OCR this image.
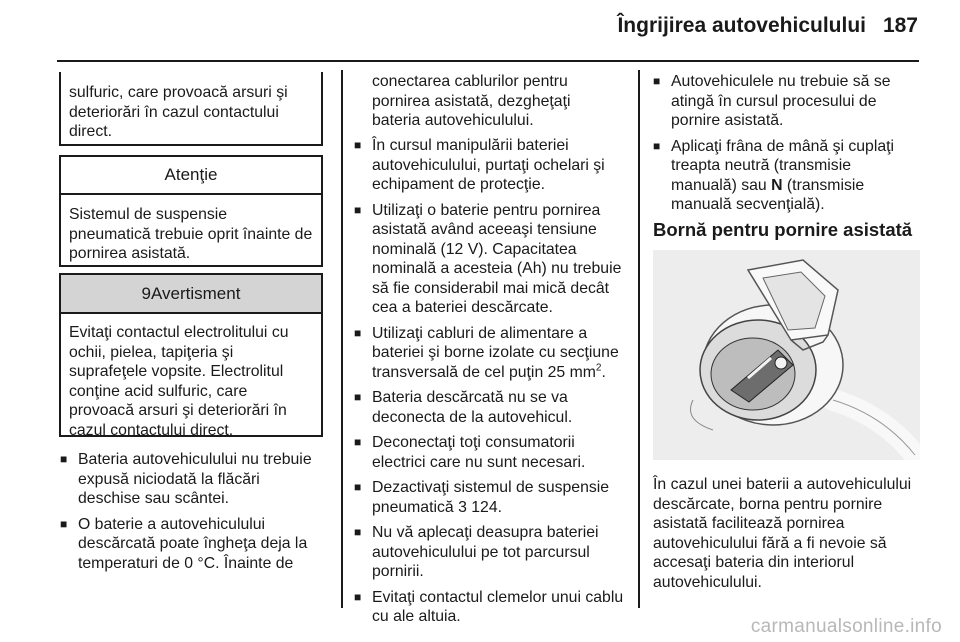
Îngrijirea autovehiculului 187
sulfuric, care provoacă arsuri şi deteriorări în cazul contactului direct.
Atenţie
Sistemul de suspensie pneumatică trebuie oprit înainte de pornirea asistată.
9Avertisment
Evitaţi contactul electrolitului cu ochii, pielea, tapiţeria şi suprafeţele vopsite. Electrolitul conţine acid sulfuric, care provoacă arsuri şi deteriorări în cazul contactului direct.
■ Bateria autovehiculului nu trebuie expusă niciodată la flăcări deschise sau scântei.
■ O baterie a autovehiculului descărcată poate îngheţa deja la temperaturi de 0 °C. Înainte de

conectarea cablurilor pentru pornirea asistată, dezgheţaţi bateria autovehiculului.

■ În cursul manipulării bateriei autovehiculului, purtaţi ochelari şi echipament de protecţie.
■ Utilizaţi o baterie pentru pornirea asistată având aceeaşi tensiune nominală (12 V). Capacitatea nominală a acesteia (Ah) nu trebuie să fie considerabil mai mică decât cea a bateriei descărcate.
■ Utilizaţi cabluri de alimentare a bateriei şi borne izolate cu secţiune transversală de cel puţin 25 $mm^2$.
■ Bateria descărcată nu se va deconecta de la autovehicul.
■ Deconectaţi toţi consumatorii electrici care nu sunt necesari.
■ Dezactivaţi sistemul de suspensie pneumatică 3 124.
■ Nu vă aplecaţi deasupra bateriei autovehiculului pe tot parcursul pornirii.
■ Evitaţi contactul clemelor unui cablu cu ale altuia.
■ Autovehiculele nu trebuie să se atingă în cursul procesului de pornire asistată.
■ Aplicaţi frâna de mână şi cuplaţi treapta neutră (transmisie manuală) sau N (transmisie manuală secvenţială).
Bornă pentru pornire asistată

În cazul unei baterii a autovehiculului descărcate, borna pentru pornire asistată facilitează pornirea autovehiculului fără a fi nevoie să accesaţi bateria din interiorul autovehiculului.

carmanualsonline.info
